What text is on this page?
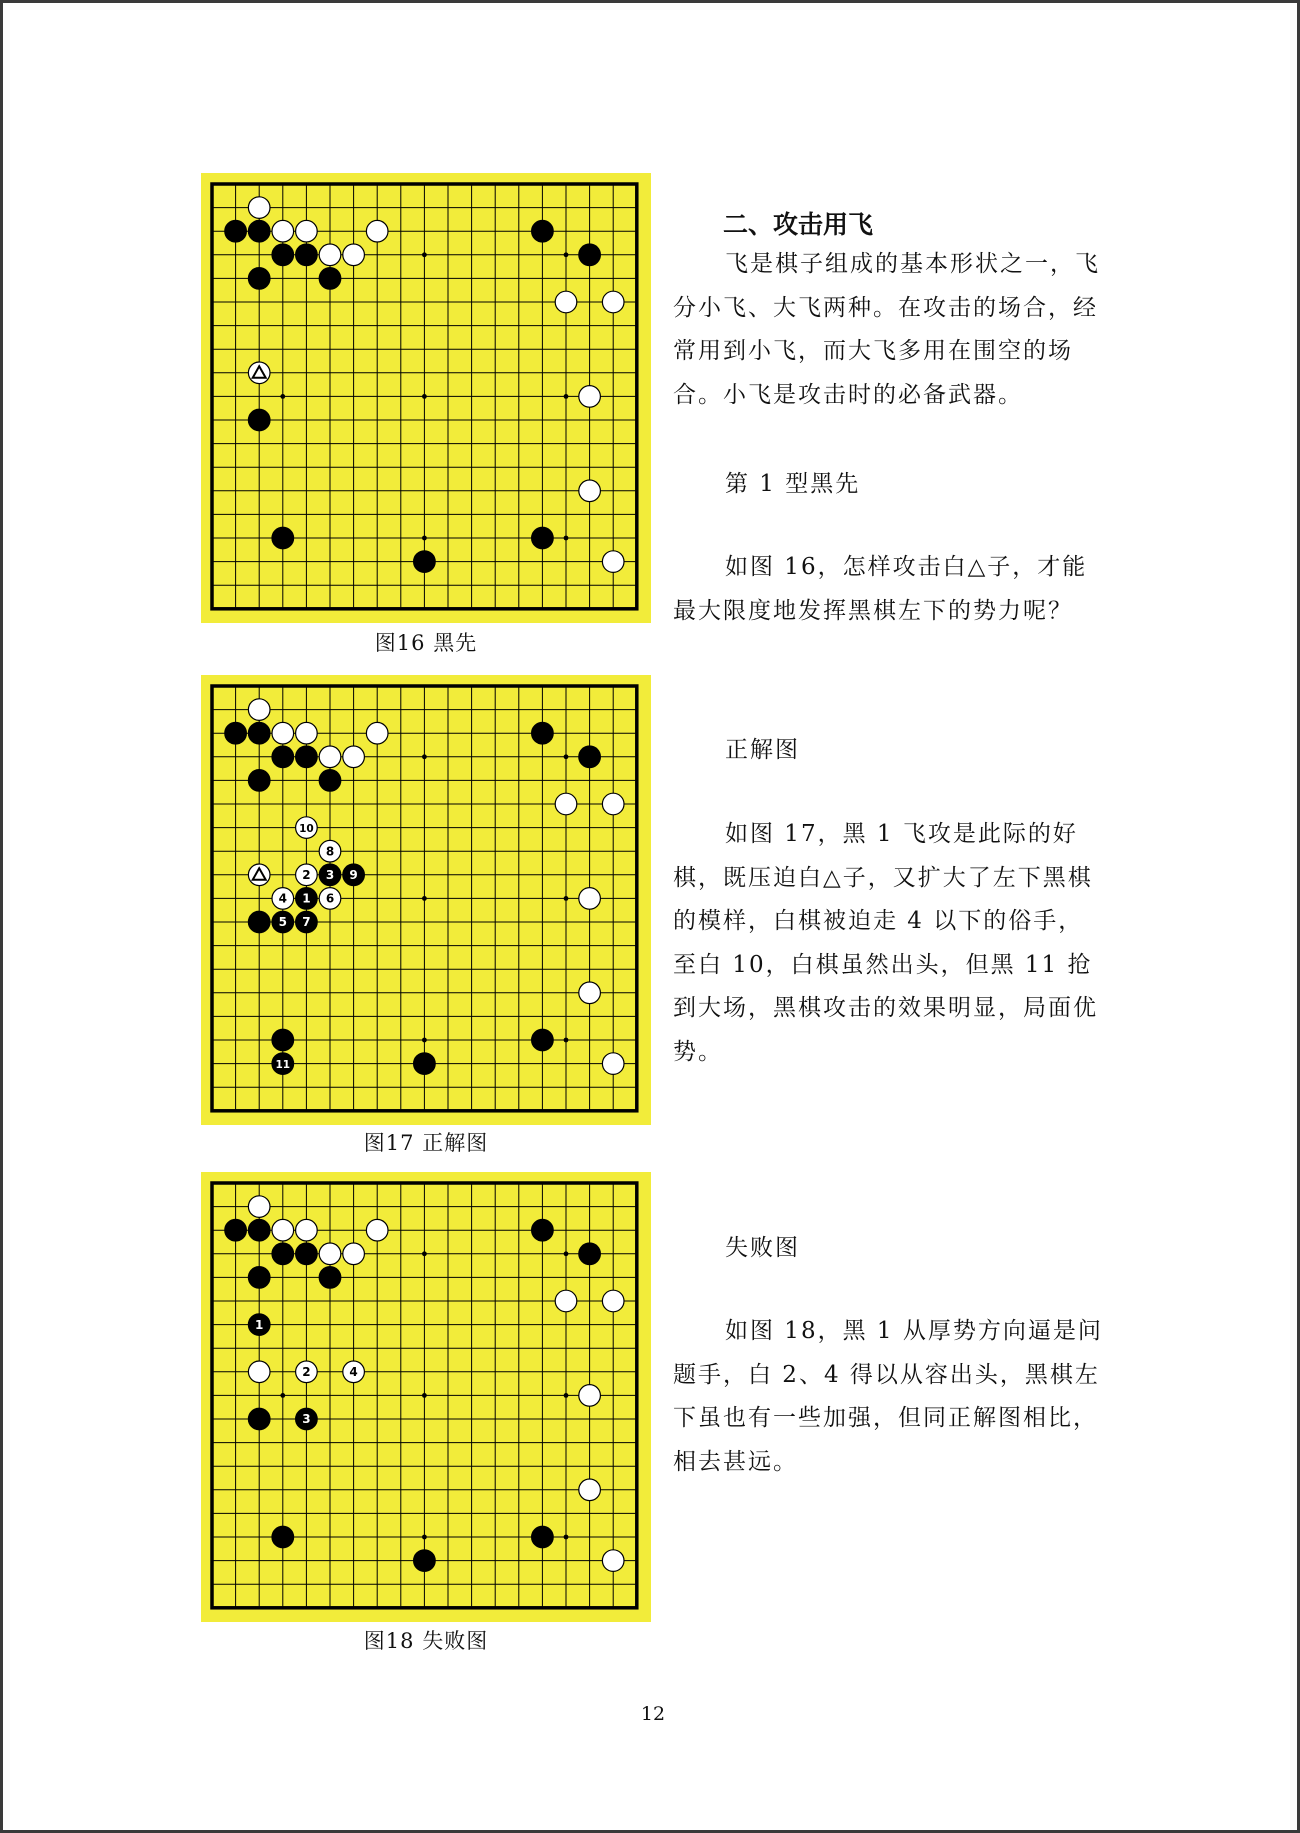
图16 黑先
10
8
2 3 9
4 1 6
5 7
11
图17 正解图
1
2	4
3
图18 失败图
二、攻击用飞

飞是棋子组成的基本形状之一，飞分小飞、大飞两种。在攻击的场合，经常用到小飞，而大飞多用在围空的场合。小飞是攻击时的必备武器。

第 1 型黑先

如图 16，怎样攻击白△子，才能最大限度地发挥黑棋左下的势力呢？

正解图

如图 17，黑 1 飞攻是此际的好棋，既压迫白△子，又扩大了左下黑棋的模样，白棋被迫走 4 以下的俗手，至白 10，白棋虽然出头，但黑 11 抢到大场，黑棋攻击的效果明显，局面优势。

失败图

如图 18，黑 1 从厚势方向逼是问题手，白 2、4 得以从容出头，黑棋左下虽也有一些加强，但同正解图相比，相去甚远。

12
